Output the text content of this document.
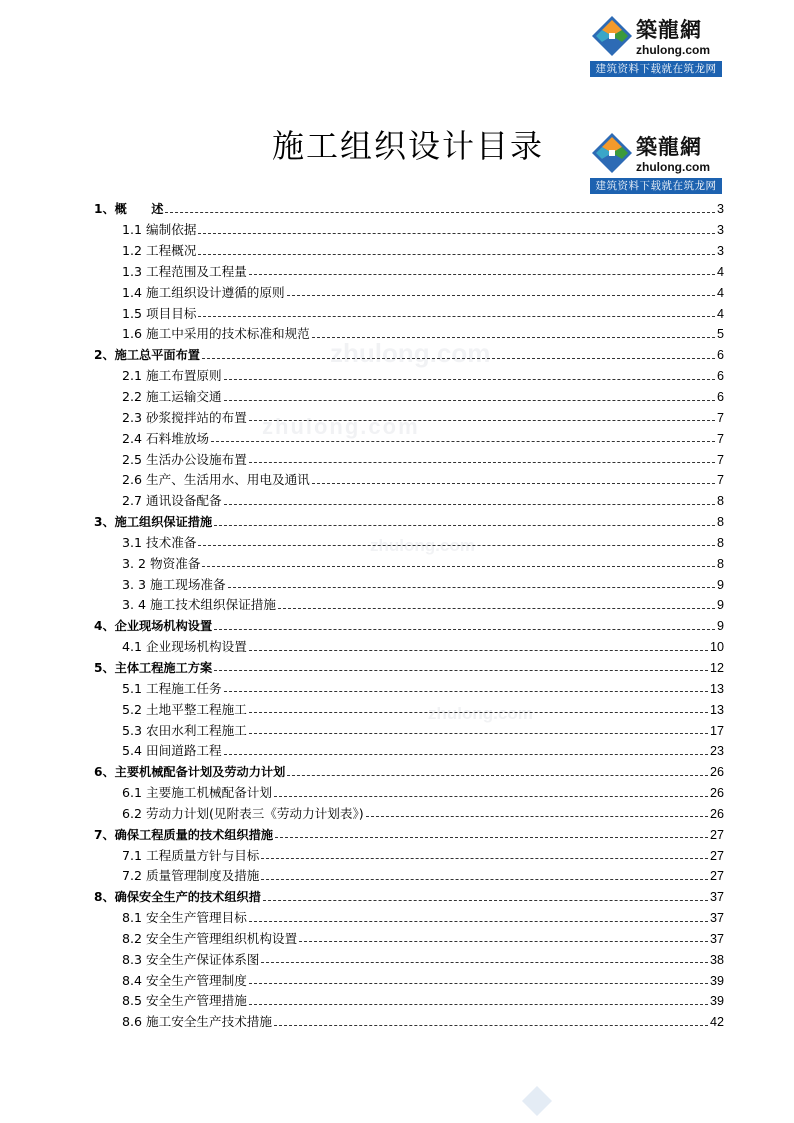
築龍網
zhulong.com
建筑资料下载就在筑龙网
施工组织设计目录	築龍網
zhulong.com
建筑资料下载就在筑龙网
zhulong.com
zhulong.com
zhulong.com
zhulong.com
1、概　　述	3
1.1 编制依据	3
1.2 工程概况	3
1.3 工程范围及工程量	4
1.4 施工组织设计遵循的原则	4
1.5 项目目标	4
1.6 施工中采用的技术标准和规范	5
2、施工总平面布置	6
2.1 施工布置原则	6
2.2 施工运输交通	6
2.3 砂浆搅拌站的布置	7
2.4 石料堆放场	7
2.5 生活办公设施布置	7
2.6 生产、生活用水、用电及通讯	7
2.7 通讯设备配备	8
3、施工组织保证措施	8
3.1 技术准备	8
3. 2 物资准备	8
3. 3 施工现场准备	9
3. 4 施工技术组织保证措施	9
4、企业现场机构设置	9
4.1 企业现场机构设置	10
5、主体工程施工方案	12
5.1 工程施工任务	13
5.2 土地平整工程施工	13
5.3 农田水利工程施工	17
5.4 田间道路工程	23
6、主要机械配备计划及劳动力计划	26
6.1 主要施工机械配备计划	26
6.2 劳动力计划(见附表三《劳动力计划表》)	26
7、确保工程质量的技术组织措施	27
7.1 工程质量方针与目标	27
7.2 质量管理制度及措施	27
8、确保安全生产的技术组织措	37
8.1 安全生产管理目标	37
8.2 安全生产管理组织机构设置	37
8.3 安全生产保证体系图	38
8.4 安全生产管理制度	39
8.5 安全生产管理措施	39
8.6 施工安全生产技术措施	42
